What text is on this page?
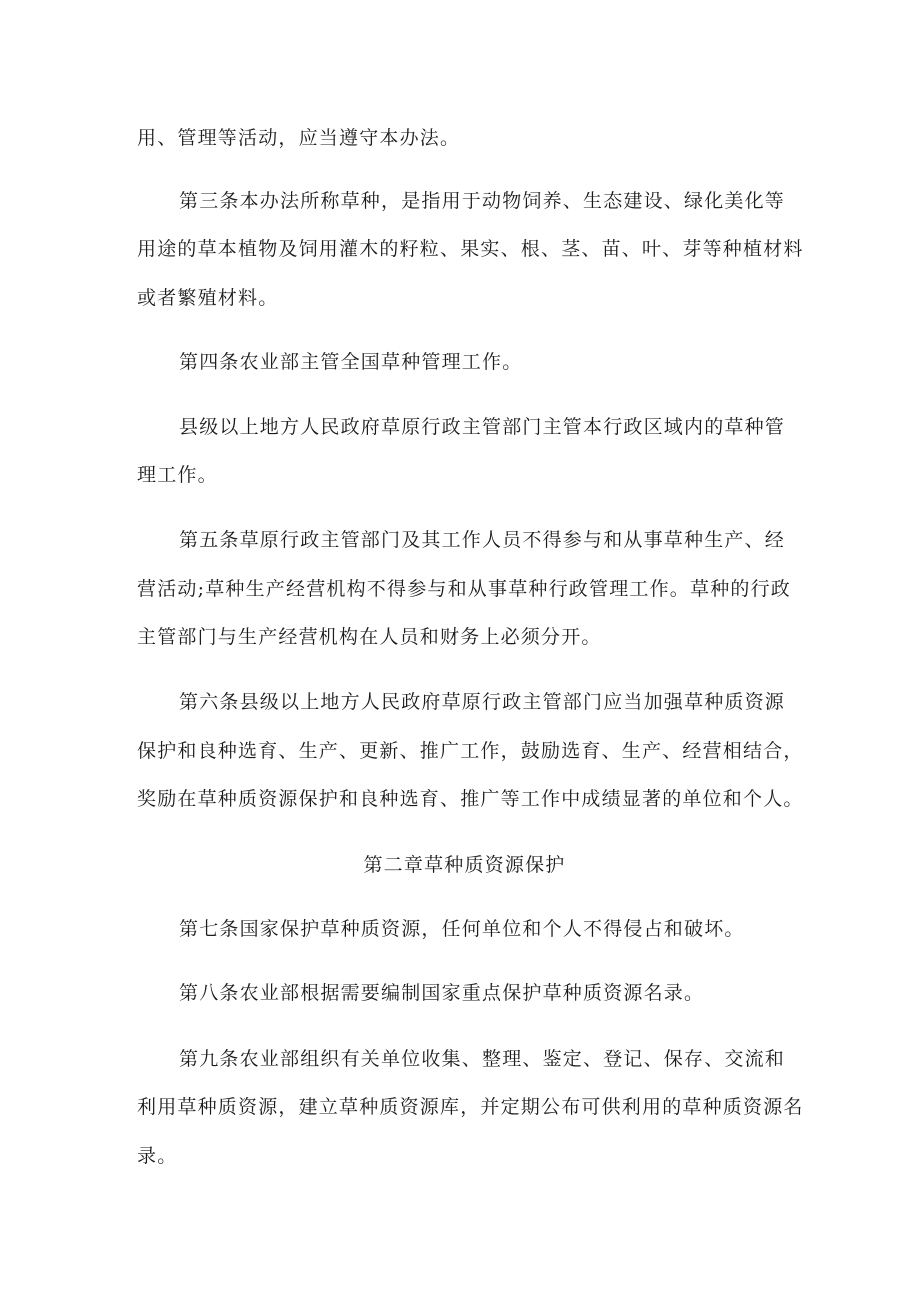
用、管理等活动，应当遵守本办法。
第三条本办法所称草种，是指用于动物饲养、生态建设、绿化美化等
用途的草本植物及饲用灌木的籽粒、果实、根、茎、苗、叶、芽等种植材料
或者繁殖材料。
第四条农业部主管全国草种管理工作。
县级以上地方人民政府草原行政主管部门主管本行政区域内的草种管
理工作。
第五条草原行政主管部门及其工作人员不得参与和从事草种生产、经
营活动;草种生产经营机构不得参与和从事草种行政管理工作。草种的行政
主管部门与生产经营机构在人员和财务上必须分开。
第六条县级以上地方人民政府草原行政主管部门应当加强草种质资源
保护和良种选育、生产、更新、推广工作，鼓励选育、生产、经营相结合，
奖励在草种质资源保护和良种选育、推广等工作中成绩显著的单位和个人。
第二章草种质资源保护
第七条国家保护草种质资源，任何单位和个人不得侵占和破坏。
第八条农业部根据需要编制国家重点保护草种质资源名录。
第九条农业部组织有关单位收集、整理、鉴定、登记、保存、交流和
利用草种质资源，建立草种质资源库，并定期公布可供利用的草种质资源名
录。
